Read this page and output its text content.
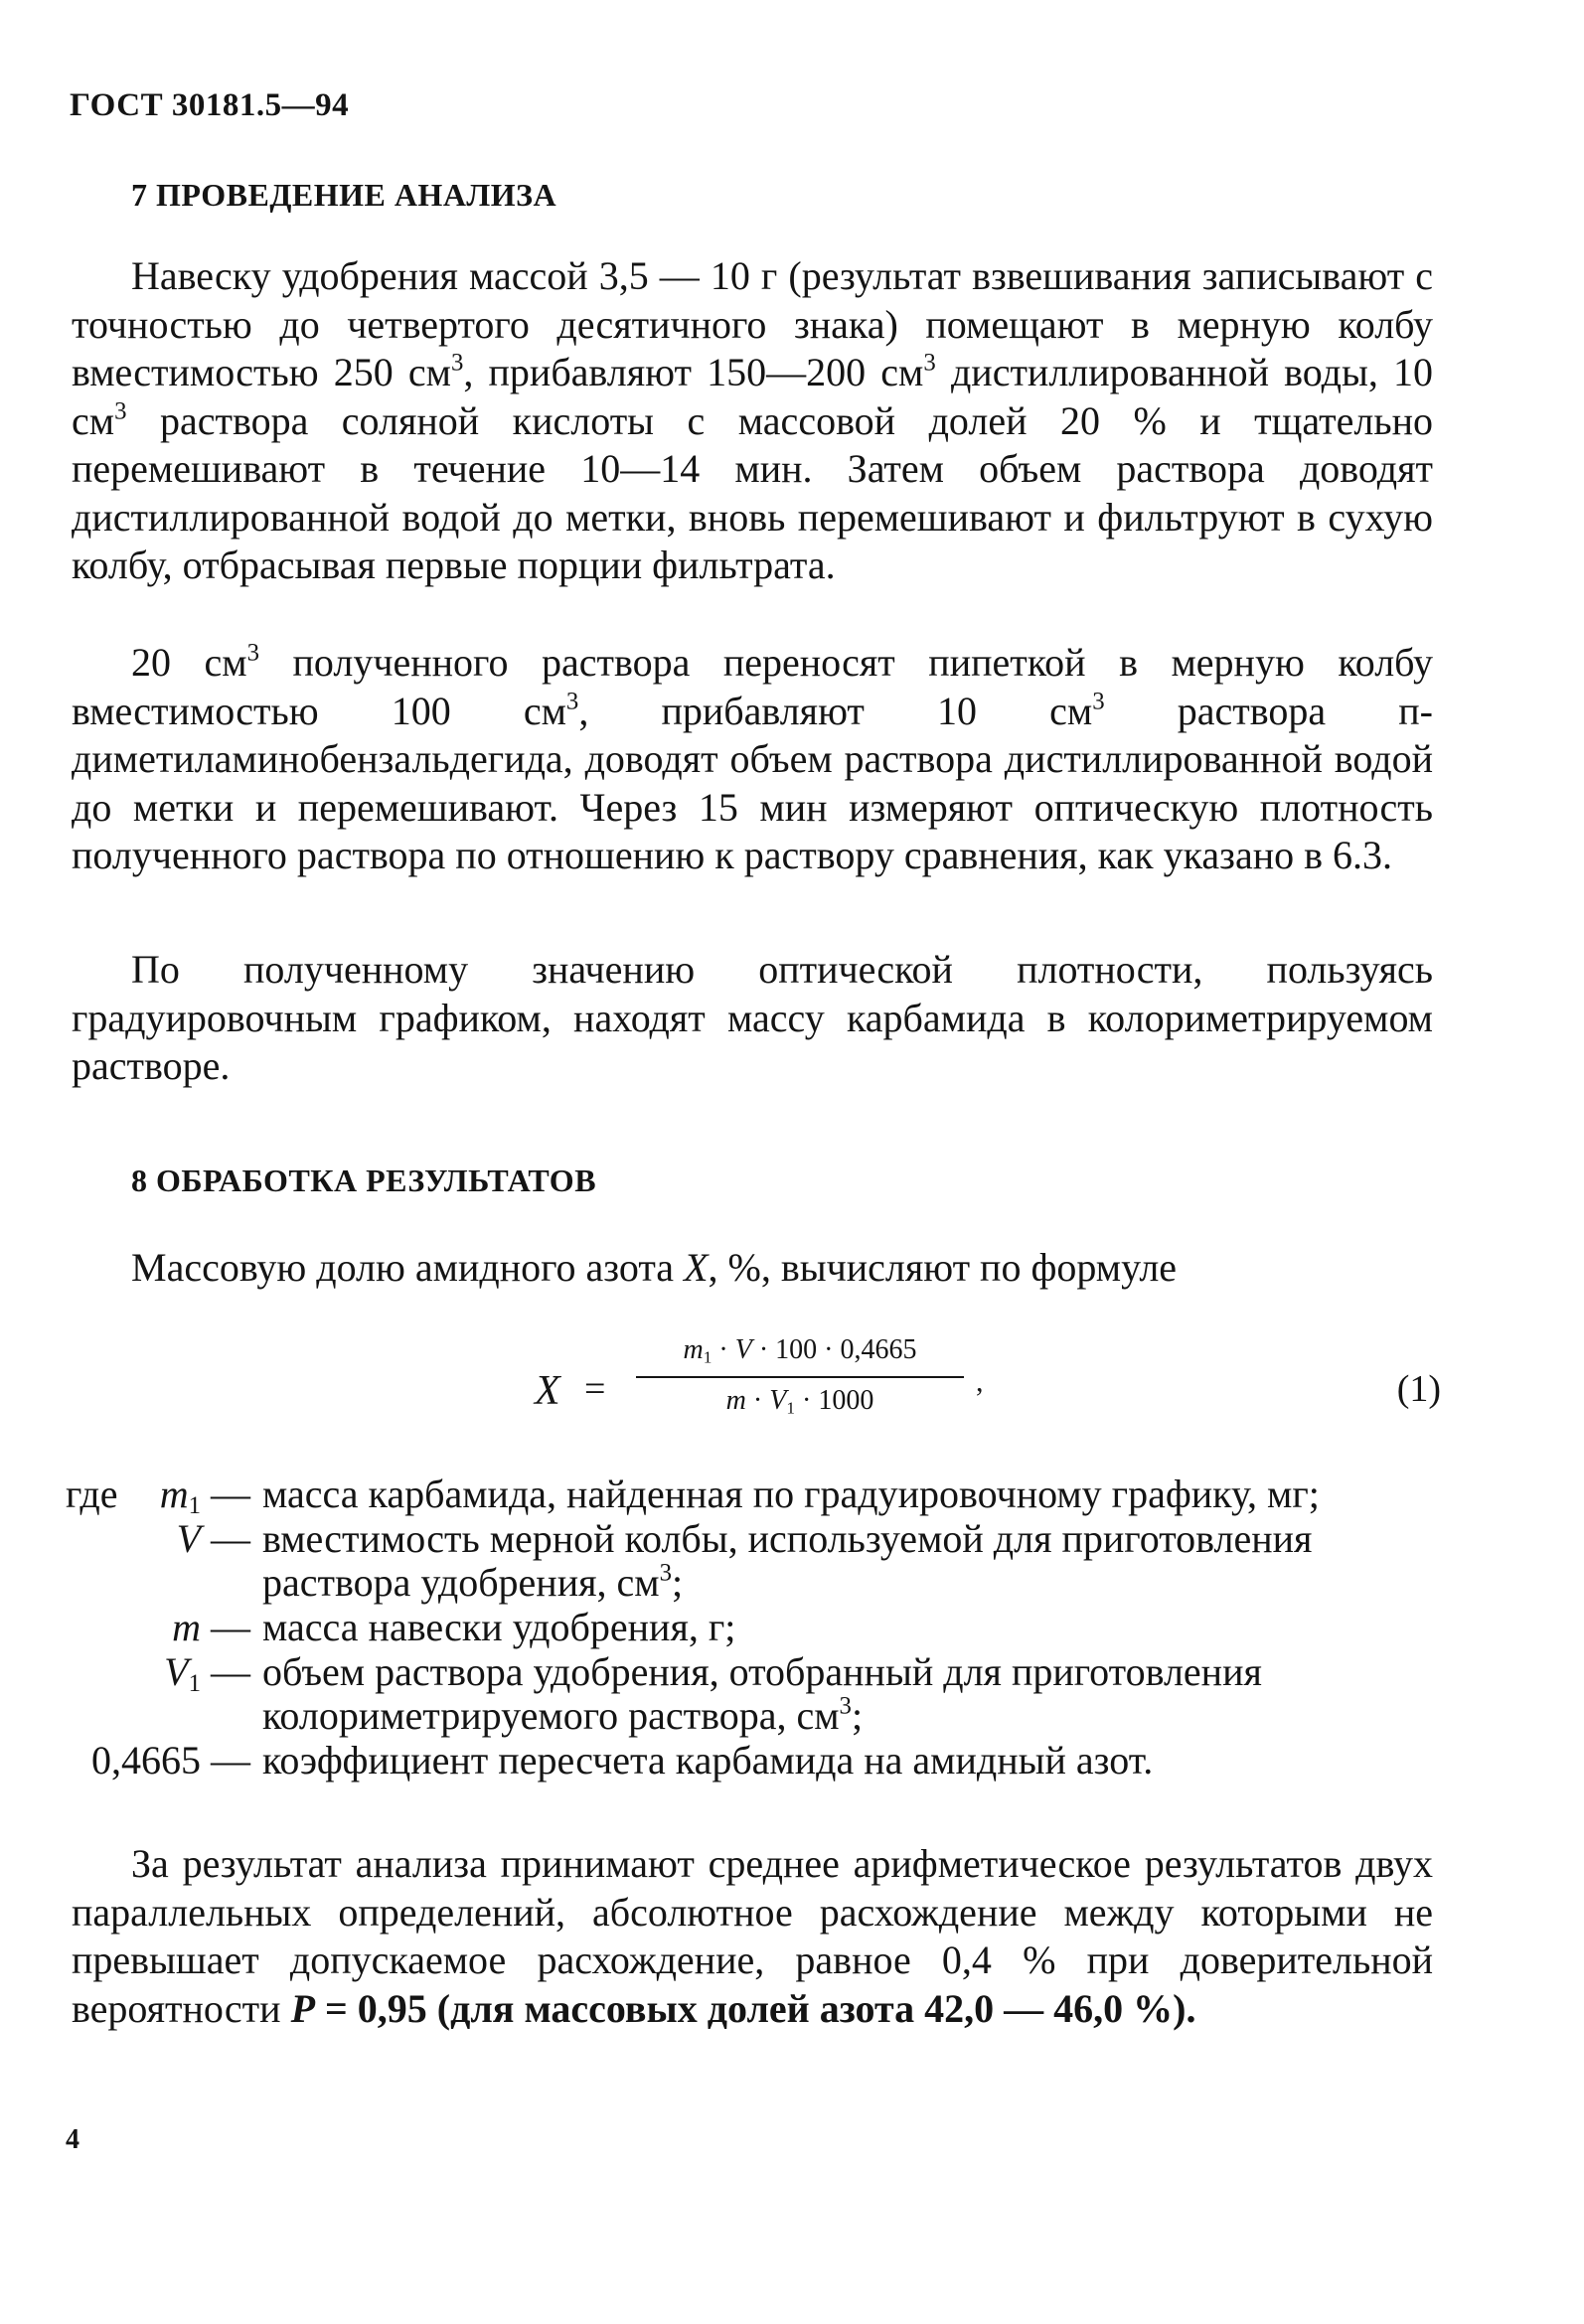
ГОСТ 30181.5—94
7 ПРОВЕДЕНИЕ АНАЛИЗА

Навеску удобрения массой 3,5 — 10 г (результат взвешивания записывают с точностью до четвертого десятичного знака) помещают в мерную колбу вместимостью 250 $см^3$, прибавляют 150—200 $см^3$ дистиллированной воды, 10 $см^3$ раствора соляной кислоты с массовой долей 20 % и тщательно перемешивают в течение 10—14 мин. Затем объем раствора доводят дистиллированной водой до метки, вновь перемешивают и фильтруют в сухую колбу, отбрасывая первые порции фильтрата.

20 $см^3$ полученного раствора переносят пипеткой в мерную колбу вместимостью 100 $см^3$, прибавляют 10 $см^3$ раствора п-диметиламинобензальдегида, доводят объем раствора дистиллированной водой до метки и перемешивают. Через 15 мин измеряют оптическую плотность полученного раствора по отношению к раствору сравнения, как указано в 6.3.

По полученному значению оптической плотности, пользуясь градуировочным графиком, находят массу карбамида в колориметрируемом растворе.

8 ОБРАБОТКА РЕЗУЛЬТАТОВ

Массовую долю амидного азота X, %, вычисляют по формуле

X =
$m_1 \cdot V \cdot 100 \cdot 0,4665$
$m \cdot V_1 \cdot 1000$
,	(1)
где	$m_1$ — масса карбамида, найденная по градуировочному графику, мг;
V — вместимость мерной колбы, используемой для приготовления раствора удобрения, $см^3$;
m — масса навески удобрения, г;
$V_1$ — объем раствора удобрения, отобранный для приготовления колориметрируемого раствора, $см^3$;
0,4665 — коэффициент пересчета карбамида на амидный азот.

За результат анализа принимают среднее арифметическое результатов двух параллельных определений, абсолютное расхождение между которыми не превышает допускаемое расхождение, равное 0,4 % при доверительной вероятности P = 0,95 (для массовых долей азота 42,0 — 46,0 %).

4
